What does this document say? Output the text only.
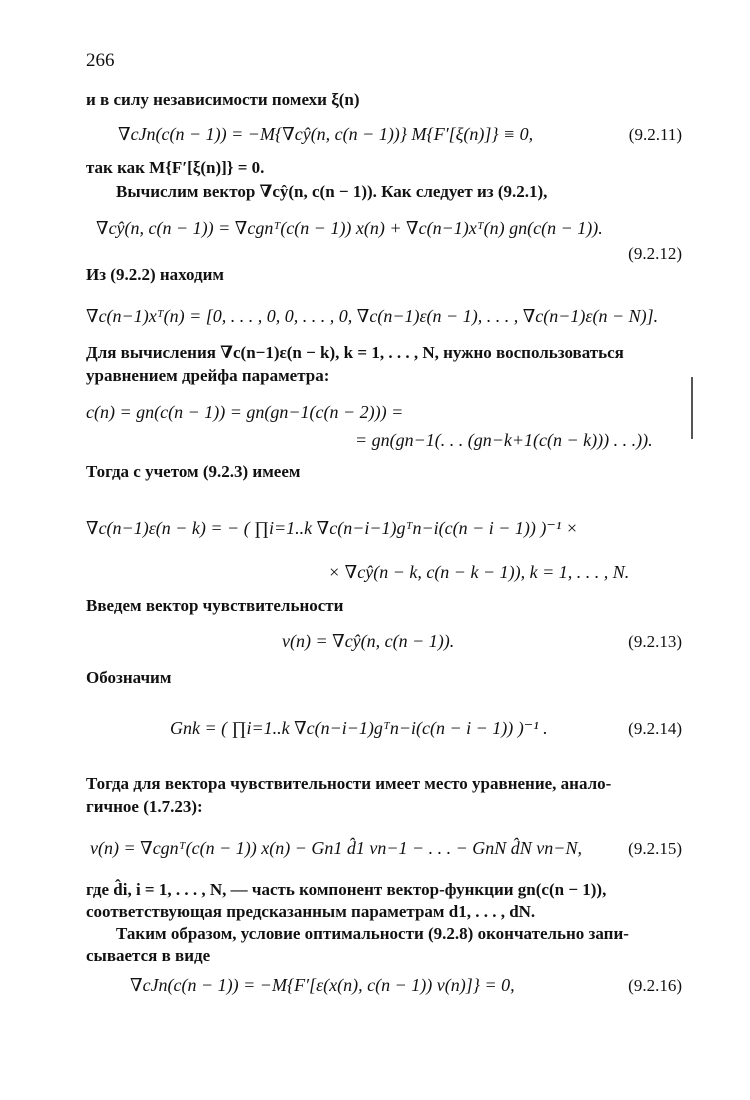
266
и в силу независимости помехи ξ(n)
∇cJn(c(n − 1)) = −M{∇cŷ(n, c(n − 1))} M{F′[ξ(n)]} ≡ 0,	(9.2.11)
так как M{F′[ξ(n)]} = 0.
Вычислим вектор ∇cŷ(n, c(n − 1)). Как следует из (9.2.1),
∇cŷ(n, c(n − 1)) = ∇cgnᵀ(c(n − 1)) x(n) + ∇c(n−1)xᵀ(n) gn(c(n − 1)).
(9.2.12)
Из (9.2.2) находим
∇c(n−1)xᵀ(n) = [0, . . . , 0, 0, . . . , 0, ∇c(n−1)ε(n − 1), . . . , ∇c(n−1)ε(n − N)].
Для вычисления ∇c(n−1)ε(n − k), k = 1, . . . , N, нужно воспользоваться
уравнением дрейфа параметра:
c(n) = gn(c(n − 1)) = gn(gn−1(c(n − 2))) =
= gn(gn−1(. . . (gn−k+1(c(n − k))) . . .)).
Тогда с учетом (9.2.3) имеем
∇c(n−1)ε(n − k) = − ( ∏i=1..k ∇c(n−i−1)gᵀn−i(c(n − i − 1)) )⁻¹ ×
× ∇cŷ(n − k, c(n − k − 1)), k = 1, . . . , N.
Введем вектор чувствительности
v(n) = ∇cŷ(n, c(n − 1)).	(9.2.13)
Обозначим
Gnk = ( ∏i=1..k ∇c(n−i−1)gᵀn−i(c(n − i − 1)) )⁻¹ .	(9.2.14)
Тогда для вектора чувствительности имеет место уравнение, анало-
гичное (1.7.23):
v(n) = ∇cgnᵀ(c(n − 1)) x(n) − Gn1 d̂1 vn−1 − . . . − GnN d̂N vn−N,	(9.2.15)
где d̂i, i = 1, . . . , N, — часть компонент вектор-функции gn(c(n − 1)),
соответствующая предсказанным параметрам d1, . . . , dN.
Таким образом, условие оптимальности (9.2.8) окончательно запи-
сывается в виде
∇cJn(c(n − 1)) = −M{F′[ε(x(n), c(n − 1)) v(n)]} = 0,	(9.2.16)
